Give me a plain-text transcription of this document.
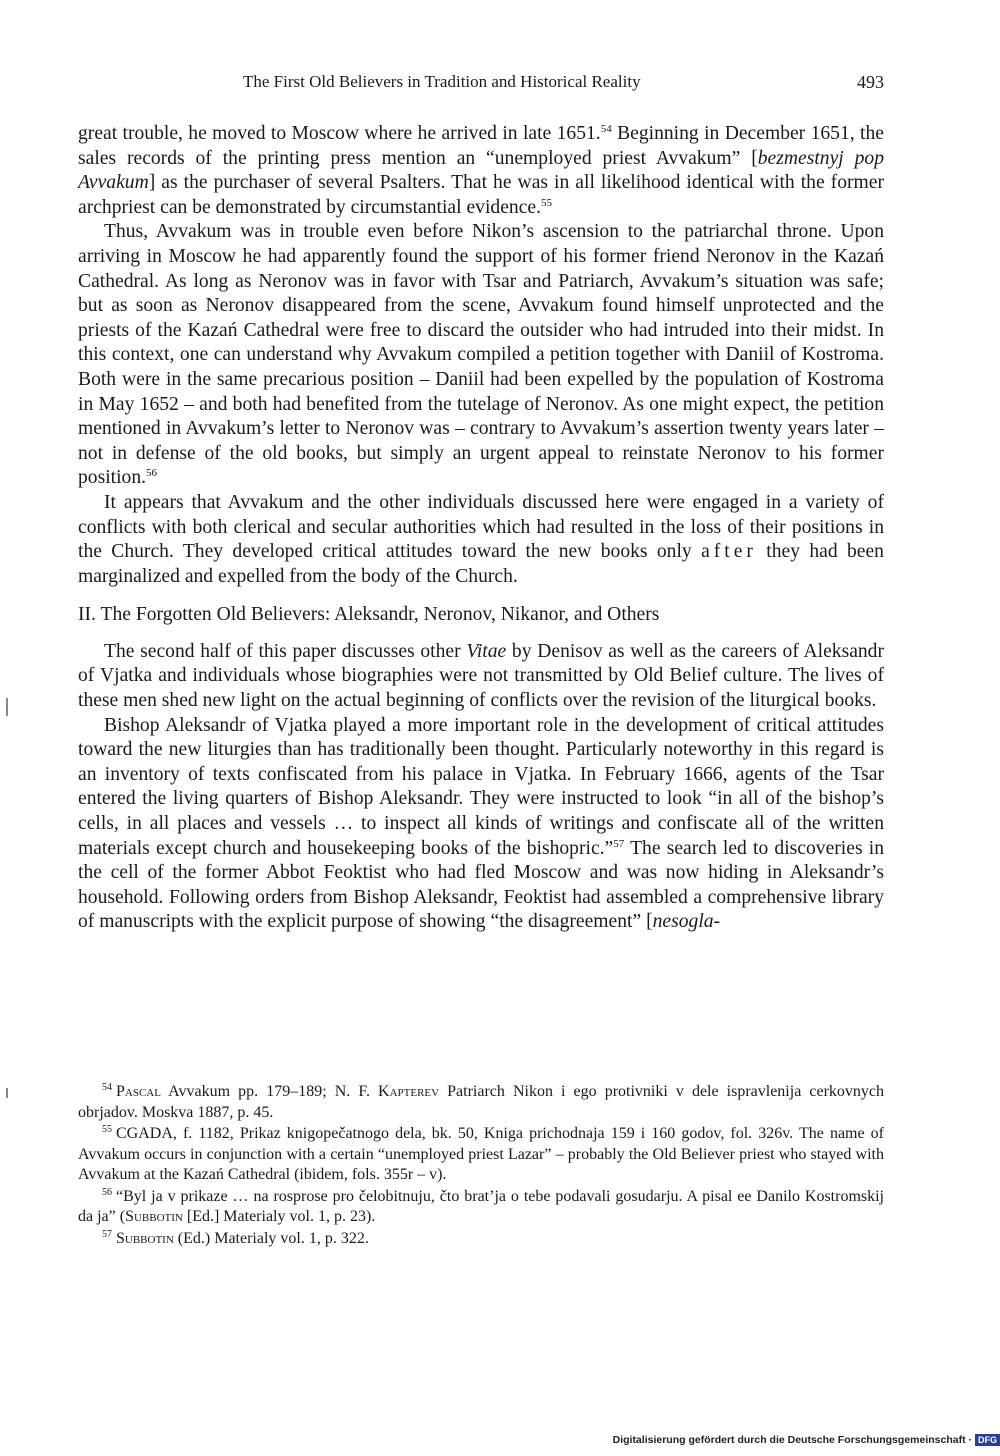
The First Old Believers in Tradition and Historical Reality	493

great trouble, he moved to Moscow where he arrived in late 1651.54 Beginning in December 1651, the sales records of the printing press mention an “unemployed priest Avvakum” [bezmestnyj pop Avvakum] as the purchaser of several Psalters. That he was in all likelihood identical with the former archpriest can be demonstrated by circumstantial evidence.$^{55}$

Thus, Avvakum was in trouble even before Nikon’s ascension to the patriarchal throne. Upon arriving in Moscow he had apparently found the support of his former friend Neronov in the Kazań Cathedral. As long as Neronov was in favor with Tsar and Patriarch, Avvakum’s situation was safe; but as soon as Neronov disappeared from the scene, Avvakum found himself unprotected and the priests of the Kazań Cathedral were free to discard the outsider who had intruded into their midst. In this context, one can understand why Avvakum compiled a petition together with Daniil of Kostroma. Both were in the same precarious position – Daniil had been expelled by the population of Kostroma in May 1652 – and both had benefited from the tutelage of Neronov. As one might expect, the petition mentioned in Avvakum’s letter to Neronov was – contrary to Avvakum’s assertion twenty years later – not in defense of the old books, but simply an urgent appeal to reinstate Neronov to his former position.$^{56}$

It appears that Avvakum and the other individuals discussed here were engaged in a variety of conflicts with both clerical and secular authorities which had resulted in the loss of their positions in the Church. They developed critical attitudes toward the new books only after they had been marginalized and expelled from the body of the Church.

II. The Forgotten Old Believers: Aleksandr, Neronov, Nikanor, and Others

The second half of this paper discusses other Vitae by Denisov as well as the careers of Aleksandr of Vjatka and individuals whose biographies were not transmitted by Old Belief culture. The lives of these men shed new light on the actual beginning of conflicts over the revision of the liturgical books.

Bishop Aleksandr of Vjatka played a more important role in the development of critical attitudes toward the new liturgies than has traditionally been thought. Particularly noteworthy in this regard is an inventory of texts confiscated from his palace in Vjatka. In February 1666, agents of the Tsar entered the living quarters of Bishop Aleksandr. They were instructed to look “in all of the bishop’s cells, in all places and vessels … to inspect all kinds of writings and confiscate all of the written materials except church and housekeeping books of the bishopric.”$^{57}$ The search led to discoveries in the cell of the former Abbot Feoktist who had fled Moscow and was now hiding in Aleksandr’s household. Following orders from Bishop Aleksandr, Feoktist had assembled a comprehensive library of manuscripts with the explicit purpose of showing “the disagreement” [nesogla-

$^{54}$ Pascal Avvakum pp. 179–189; N. F. Kapterev Patriarch Nikon i ego protivniki v dele ispravlenija cerkovnych obrjadov. Moskva 1887, p. 45.

$^{55}$ CGADA, f. 1182, Prikaz knigopečatnogo dela, bk. 50, Kniga prichodnaja 159 i 160 godov, fol. 326v. The name of Avvakum occurs in conjunction with a certain “unemployed priest Lazar” – probably the Old Believer priest who stayed with Avvakum at the Kazań Cathedral (ibidem, fols. 355r – v).

$^{56}$ “Byl ja v prikaze … na rosprose pro čelobitnuju, čto brat’ja o tebe podavali gosudarju. A pisal ee Danilo Kostromskij da ja” (Subbotin [Ed.] Materialy vol. 1, p. 23).

$^{57}$ Subbotin (Ed.) Materialy vol. 1, p. 322.

Digitalisierung gefördert durch die Deutsche Forschungsgemeinschaft · DFG
